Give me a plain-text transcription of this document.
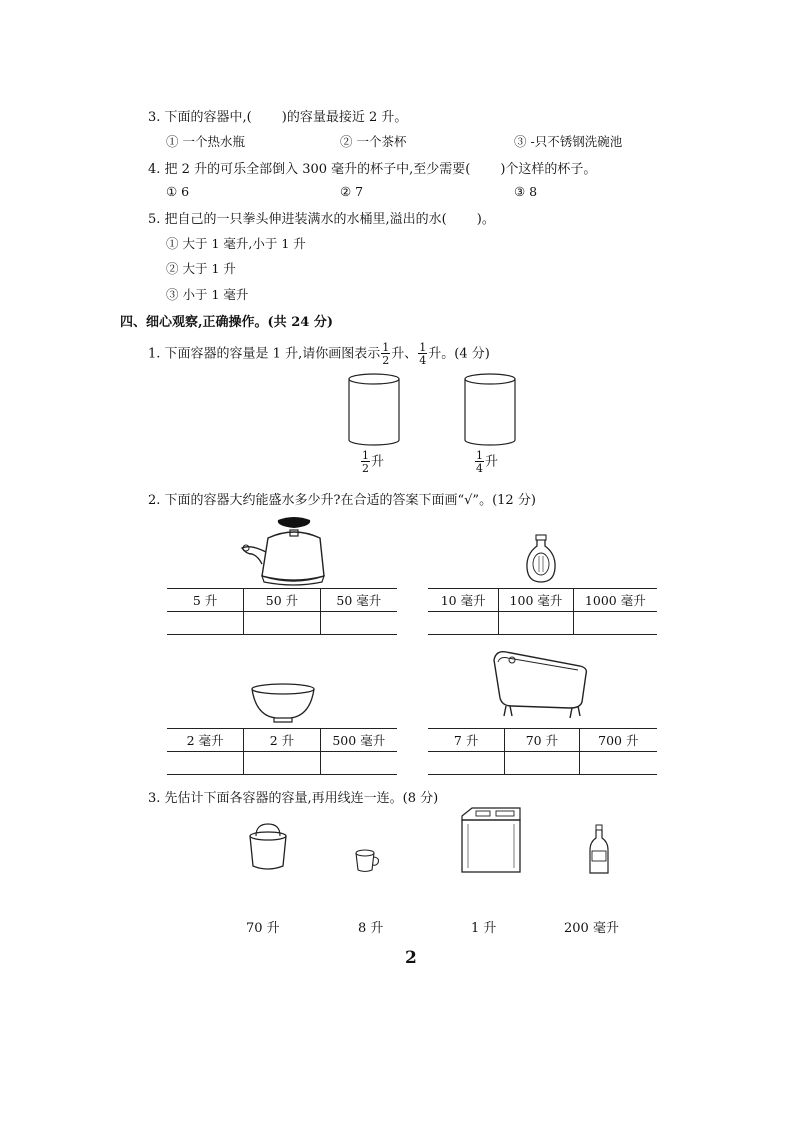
3. 下面的容器中,( )的容量最接近 2 升。
① 一个热水瓶	② 一个茶杯	③ -只不锈钢洗碗池
4. 把 2 升的可乐全部倒入 300 毫升的杯子中,至少需要( )个这样的杯子。
① 6	② 7	③ 8
5. 把自己的一只拳头伸进装满水的水桶里,溢出的水( )。
① 大于 1 毫升,小于 1 升
② 大于 1 升
③ 小于 1 毫升
四、细心观察,正确操作。(共 24 分)
1. 下面容器的容量是 1 升,请你画图表示 $\frac{1}{2}$ 升、 $\frac{1}{4}$ 升。(4 分)
$\frac{1}{2}$ 升	$\frac{1}{4}$ 升
2. 下面的容器大约能盛水多少升?在合适的答案下面画“√”。(12 分)
5 升	50 升	50 毫升
			10 毫升	100 毫升	1000 毫升

2 毫升	2 升	500 毫升
			7 升	70 升	700 升

3. 先估计下面各容器的容量,再用线连一连。(8 分)
70 升	8 升	1 升	200 毫升
2
